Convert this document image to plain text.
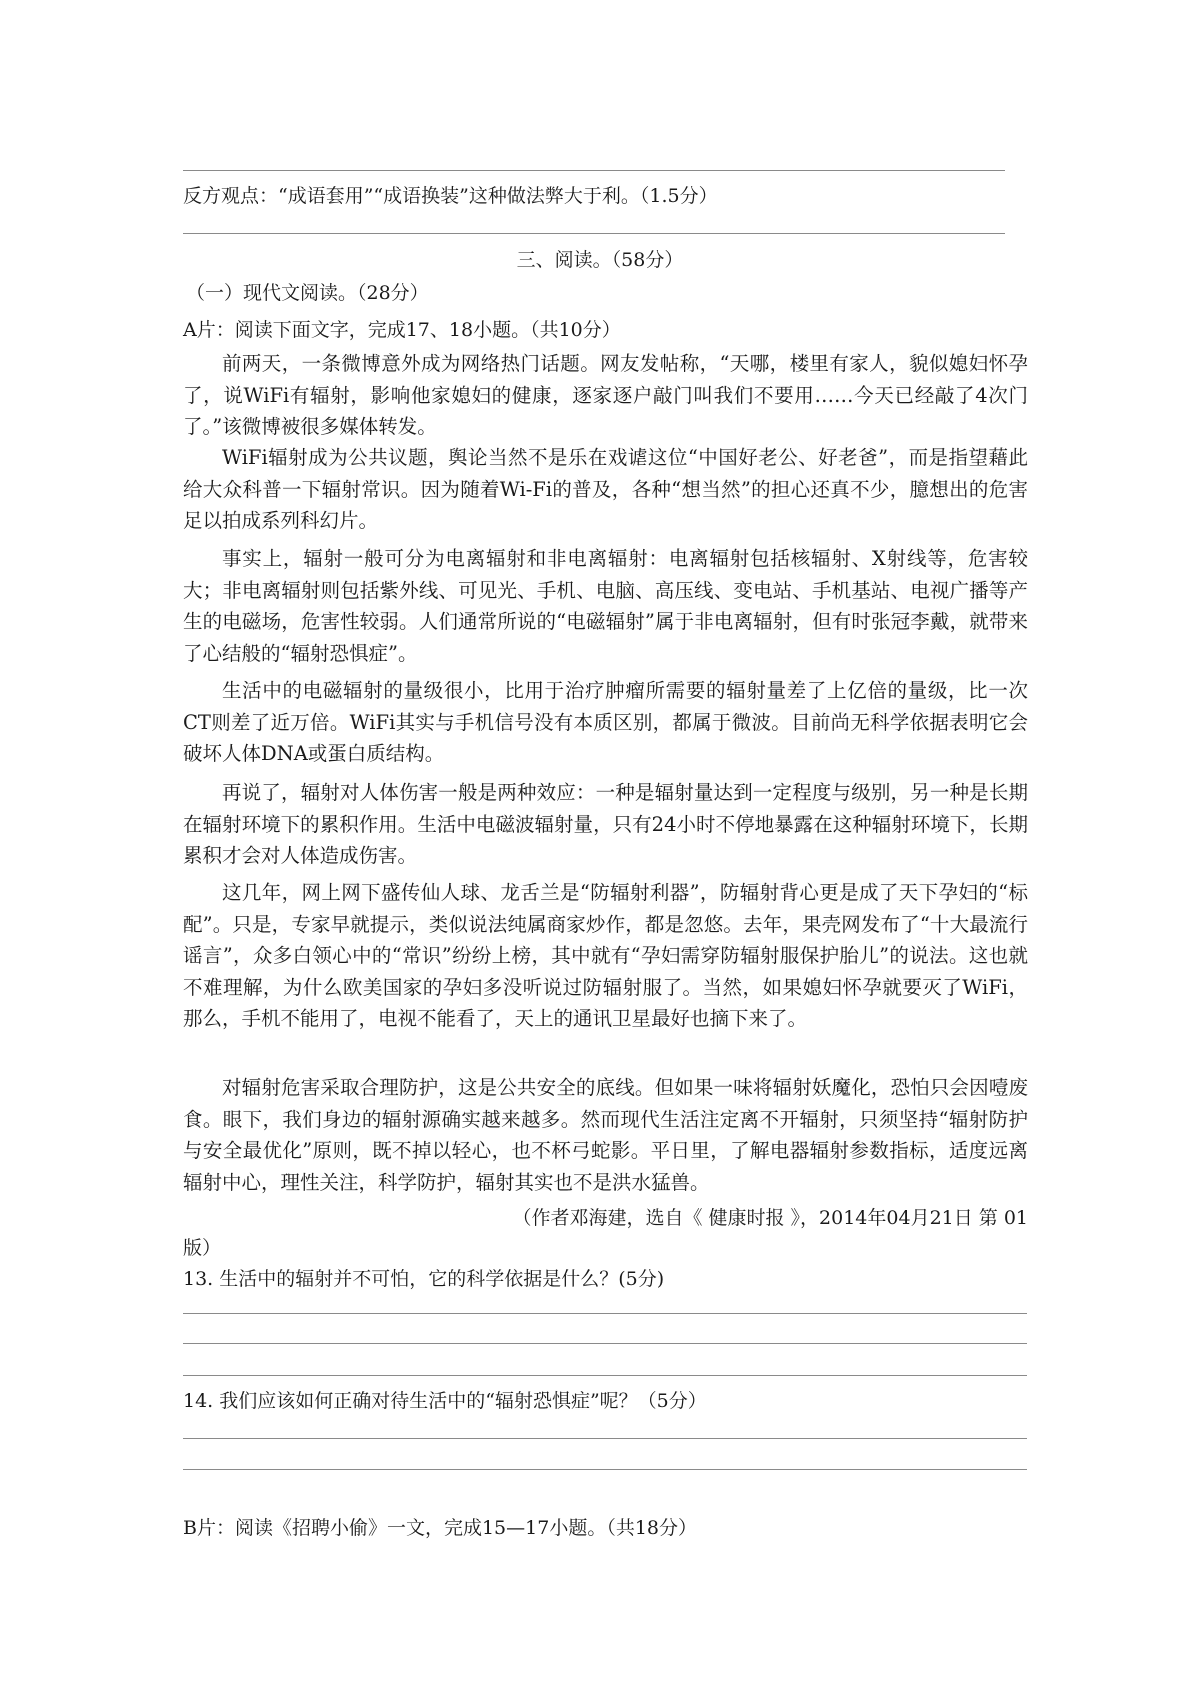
反方观点：“成语套用”“成语换装”这种做法弊大于利。（1.5分）
三、阅读。（58分）
（一）现代文阅读。（28分）
A片：阅读下面文字，完成17、18小题。（共10分）
前两天，一条微博意外成为网络热门话题。网友发帖称，“天哪，楼里有家人，貌似媳妇怀孕了，说WiFi有辐射，影响他家媳妇的健康，逐家逐户敲门叫我们不要用……今天已经敲了4次门了。”该微博被很多媒体转发。
WiFi辐射成为公共议题，舆论当然不是乐在戏谑这位“中国好老公、好老爸”，而是指望藉此给大众科普一下辐射常识。因为随着Wi-Fi的普及，各种“想当然”的担心还真不少，臆想出的危害足以拍成系列科幻片。
事实上，辐射一般可分为电离辐射和非电离辐射：电离辐射包括核辐射、X射线等，危害较大；非电离辐射则包括紫外线、可见光、手机、电脑、高压线、变电站、手机基站、电视广播等产生的电磁场，危害性较弱。人们通常所说的“电磁辐射”属于非电离辐射，但有时张冠李戴，就带来了心结般的“辐射恐惧症”。
生活中的电磁辐射的量级很小，比用于治疗肿瘤所需要的辐射量差了上亿倍的量级，比一次CT则差了近万倍。WiFi其实与手机信号没有本质区别，都属于微波。目前尚无科学依据表明它会破坏人体DNA或蛋白质结构。
再说了，辐射对人体伤害一般是两种效应：一种是辐射量达到一定程度与级别，另一种是长期在辐射环境下的累积作用。生活中电磁波辐射量，只有24小时不停地暴露在这种辐射环境下，长期累积才会对人体造成伤害。
这几年，网上网下盛传仙人球、龙舌兰是“防辐射利器”，防辐射背心更是成了天下孕妇的“标配”。只是，专家早就提示，类似说法纯属商家炒作，都是忽悠。去年，果壳网发布了“十大最流行谣言”，众多白领心中的“常识”纷纷上榜，其中就有“孕妇需穿防辐射服保护胎儿”的说法。这也就不难理解，为什么欧美国家的孕妇多没听说过防辐射服了。当然，如果媳妇怀孕就要灭了WiFi，那么，手机不能用了，电视不能看了，天上的通讯卫星最好也摘下来了。
对辐射危害采取合理防护，这是公共安全的底线。但如果一味将辐射妖魔化，恐怕只会因噎废食。眼下，我们身边的辐射源确实越来越多。然而现代生活注定离不开辐射，只须坚持“辐射防护与安全最优化”原则，既不掉以轻心，也不杯弓蛇影。平日里，了解电器辐射参数指标，适度远离辐射中心，理性关注，科学防护，辐射其实也不是洪水猛兽。
（作者邓海建，选自《 健康时报 》，2014年04月21日 第 01
版）
13. 生活中的辐射并不可怕，它的科学依据是什么？(5分)
14. 我们应该如何正确对待生活中的“辐射恐惧症”呢？（5分）
B片：阅读《招聘小偷》一文，完成15—17小题。（共18分）
